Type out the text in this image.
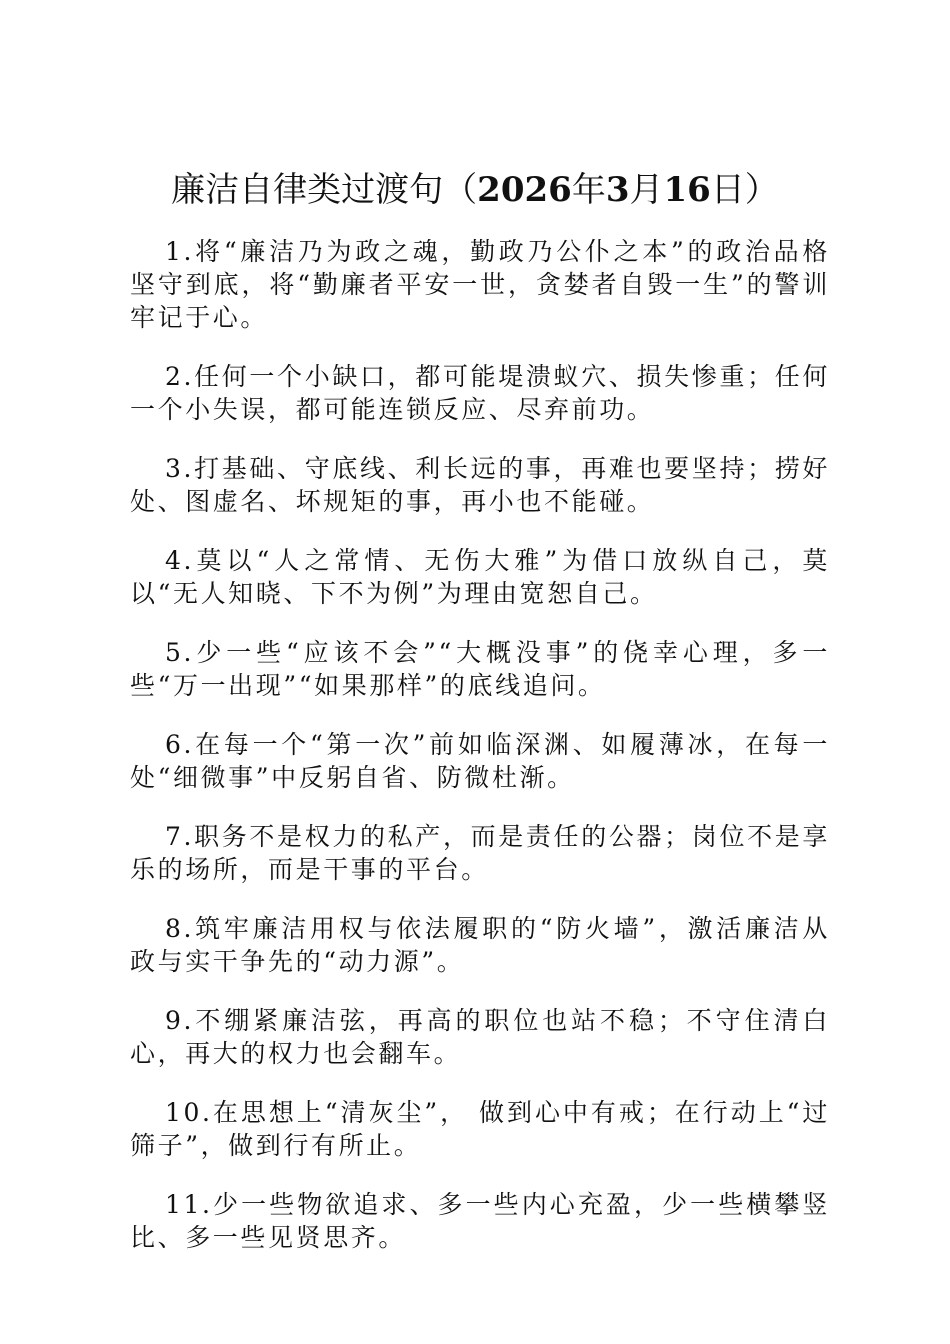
廉洁自律类过渡句（2026年3月16日）

1.将“廉洁乃为政之魂，勤政乃公仆之本”的政治品格坚守到底，将“勤廉者平安一世，贪婪者自毁一生”的警训牢记于心。

2.任何一个小缺口，都可能堤溃蚁穴、损失惨重；任何一个小失误，都可能连锁反应、尽弃前功。

3.打基础、守底线、利长远的事，再难也要坚持；捞好处、图虚名、坏规矩的事，再小也不能碰。

4.莫以“人之常情、无伤大雅”为借口放纵自己，莫以“无人知晓、下不为例”为理由宽恕自己。

5.少一些“应该不会”“大概没事”的侥幸心理，多一些“万一出现”“如果那样”的底线追问。

6.在每一个“第一次”前如临深渊、如履薄冰，在每一处“细微事”中反躬自省、防微杜渐。

7.职务不是权力的私产，而是责任的公器；岗位不是享乐的场所，而是干事的平台。

8.筑牢廉洁用权与依法履职的“防火墙”，激活廉洁从政与实干争先的“动力源”。

9.不绷紧廉洁弦，再高的职位也站不稳；不守住清白心，再大的权力也会翻车。

10.在思想上“清灰尘”， 做到心中有戒；在行动上“过筛子”，做到行有所止。

11.少一些物欲追求、多一些内心充盈，少一些横攀竖比、多一些见贤思齐。
